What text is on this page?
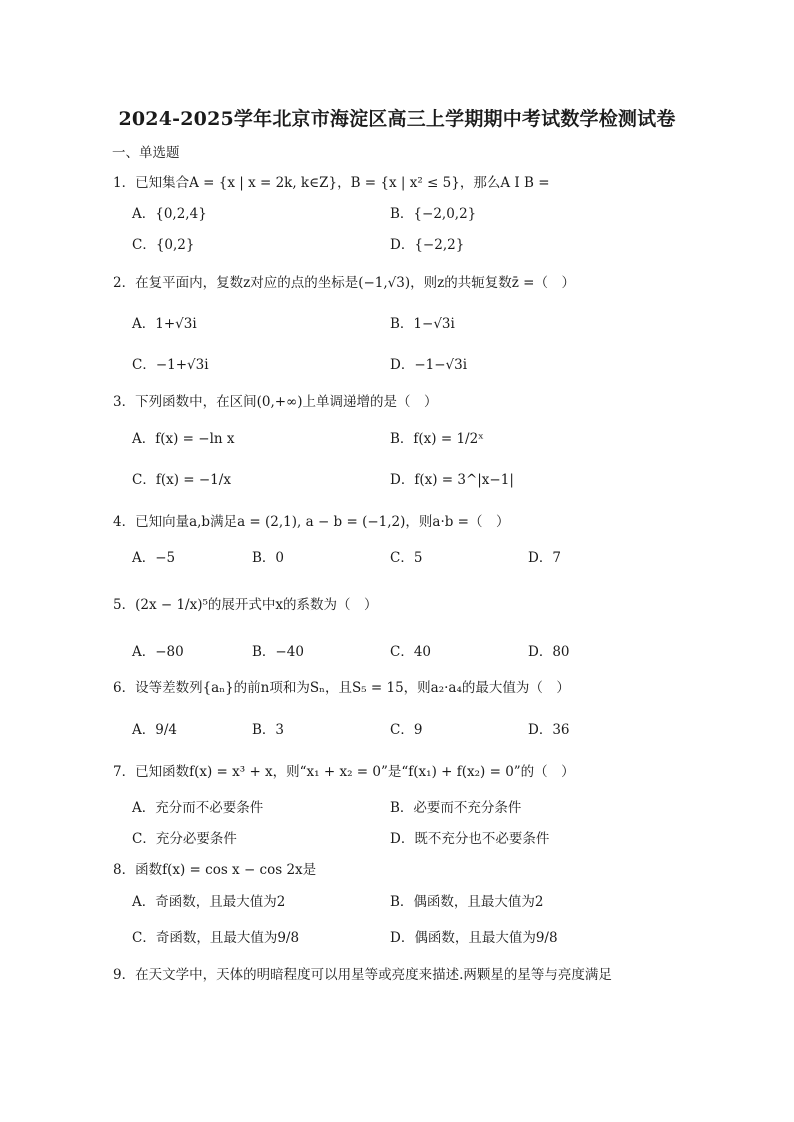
2024-2025学年北京市海淀区高三上学期期中考试数学检测试卷
一、单选题
1．已知集合A = {x | x = 2k, k∈Z}，B = {x | x² ≤ 5}，那么A I B =
A．{0,2,4}	B．{−2,0,2}
C．{0,2}	D．{−2,2}
2．在复平面内，复数z对应的点的坐标是(−1,√3)，则z的共轭复数z̄ =（　）
A．1+√3i	B．1−√3i
C．−1+√3i	D．−1−√3i
3．下列函数中，在区间(0,+∞)上单调递增的是（　）
A．f(x) = −ln x	B．f(x) = 1/2ˣ
C．f(x) = −1/x	D．f(x) = 3^|x−1|
4．已知向量a,b满足a = (2,1), a − b = (−1,2)，则a·b =（　）
A．−5	B．0	C．5	D．7
5．(2x − 1/x)⁵的展开式中x的系数为（　）
A．−80	B．−40	C．40	D．80
6．设等差数列{aₙ}的前n项和为Sₙ，且S₅ = 15，则a₂·a₄的最大值为（　）
A．9/4	B．3	C．9	D．36
7．已知函数f(x) = x³ + x，则“x₁ + x₂ = 0”是“f(x₁) + f(x₂) = 0”的（　）
A．充分而不必要条件	B．必要而不充分条件
C．充分必要条件	D．既不充分也不必要条件
8．函数f(x) = cos x − cos 2x是
A．奇函数，且最大值为2	B．偶函数，且最大值为2
C．奇函数，且最大值为9/8	D．偶函数，且最大值为9/8
9．在天文学中，天体的明暗程度可以用星等或亮度来描述.两颗星的星等与亮度满足
